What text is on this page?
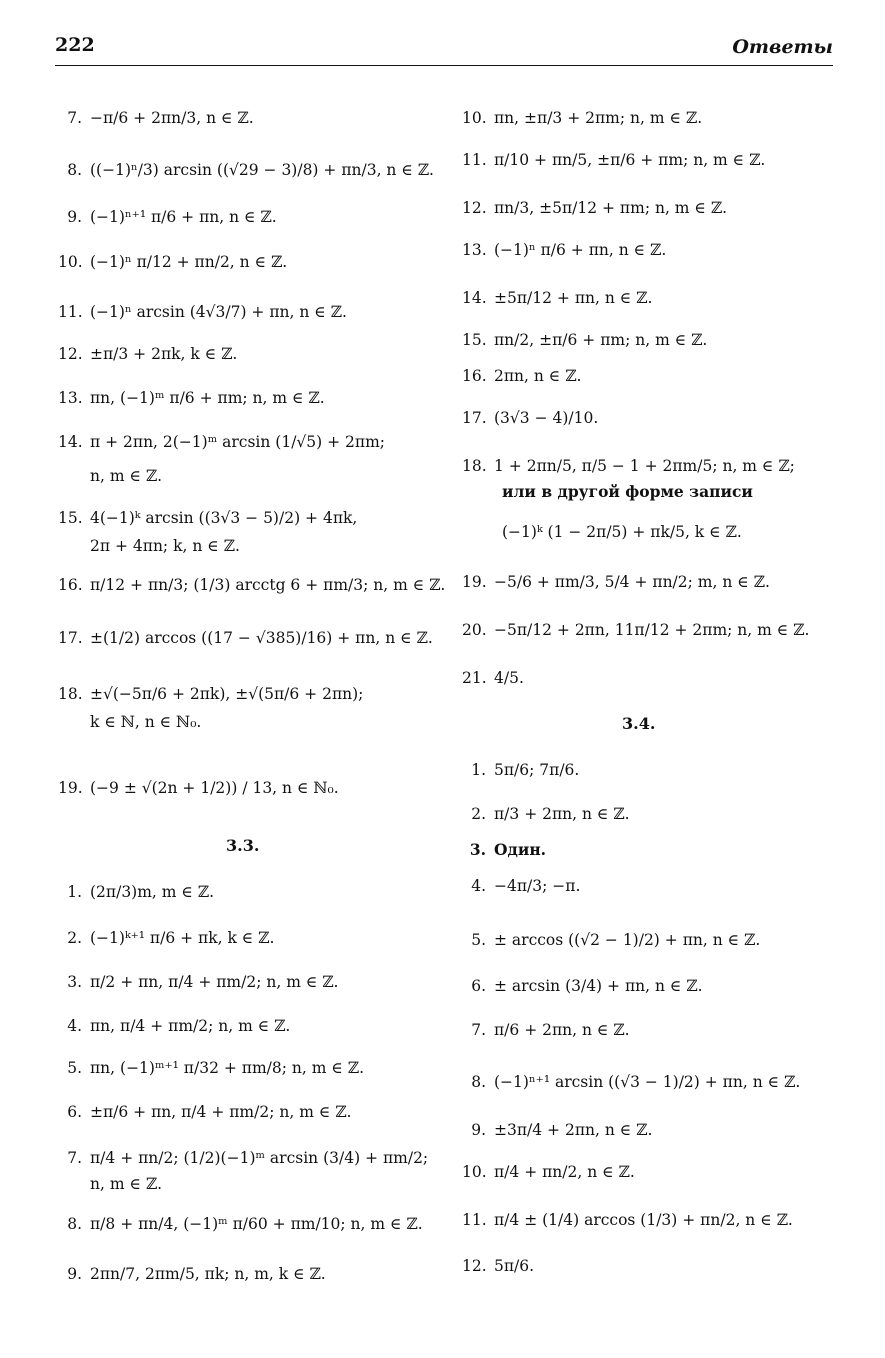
222	Ответы
7. −π/6 + 2πn/3, n ∈ ℤ.
8. ((−1)ⁿ/3) arcsin ((√29 − 3)/8) + πn/3, n ∈ ℤ.
9. (−1)ⁿ⁺¹ π/6 + πn, n ∈ ℤ.
10. (−1)ⁿ π/12 + πn/2, n ∈ ℤ.
11. (−1)ⁿ arcsin (4√3/7) + πn, n ∈ ℤ.
12. ±π/3 + 2πk, k ∈ ℤ.
13. πn, (−1)ᵐ π/6 + πm; n, m ∈ ℤ.
14. π + 2πn, 2(−1)ᵐ arcsin (1/√5) + 2πm;
n, m ∈ ℤ.
15. 4(−1)ᵏ arcsin ((3√3 − 5)/2) + 4πk,
2π + 4πn; k, n ∈ ℤ.
16. π/12 + πn/3; (1/3) arcctg 6 + πm/3; n, m ∈ ℤ.
17. ±(1/2) arccos ((17 − √385)/16) + πn, n ∈ ℤ.
18. ±√(−5π/6 + 2πk), ±√(5π/6 + 2πn);
k ∈ ℕ, n ∈ ℕ₀.
19. (−9 ± √(2n + 1/2)) / 13, n ∈ ℕ₀.
3.3.
1. (2π/3)m, m ∈ ℤ.
2. (−1)ᵏ⁺¹ π/6 + πk, k ∈ ℤ.
3. π/2 + πn, π/4 + πm/2; n, m ∈ ℤ.
4. πn, π/4 + πm/2; n, m ∈ ℤ.
5. πn, (−1)ᵐ⁺¹ π/32 + πm/8; n, m ∈ ℤ.
6. ±π/6 + πn, π/4 + πm/2; n, m ∈ ℤ.
7. π/4 + πn/2; (1/2)(−1)ᵐ arcsin (3/4) + πm/2;
n, m ∈ ℤ.
8. π/8 + πn/4, (−1)ᵐ π/60 + πm/10; n, m ∈ ℤ.
9. 2πn/7, 2πm/5, πk; n, m, k ∈ ℤ.
10. πn, ±π/3 + 2πm; n, m ∈ ℤ.
11. π/10 + πn/5, ±π/6 + πm; n, m ∈ ℤ.
12. πn/3, ±5π/12 + πm; n, m ∈ ℤ.
13. (−1)ⁿ π/6 + πn, n ∈ ℤ.
14. ±5π/12 + πn, n ∈ ℤ.
15. πn/2, ±π/6 + πm; n, m ∈ ℤ.
16. 2πn, n ∈ ℤ.
17. (3√3 − 4)/10.
18. 1 + 2πn/5, π/5 − 1 + 2πm/5; n, m ∈ ℤ;
или в другой форме записи
(−1)ᵏ (1 − 2π/5) + πk/5, k ∈ ℤ.
19. −5/6 + πm/3, 5/4 + πn/2; m, n ∈ ℤ.
20. −5π/12 + 2πn, 11π/12 + 2πm; n, m ∈ ℤ.
21. 4/5.
3.4.
1. 5π/6; 7π/6.
2. π/3 + 2πn, n ∈ ℤ.
3. Один.
4. −4π/3; −π.
5. ± arccos ((√2 − 1)/2) + πn, n ∈ ℤ.
6. ± arcsin (3/4) + πn, n ∈ ℤ.
7. π/6 + 2πn, n ∈ ℤ.
8. (−1)ⁿ⁺¹ arcsin ((√3 − 1)/2) + πn, n ∈ ℤ.
9. ±3π/4 + 2πn, n ∈ ℤ.
10. π/4 + πn/2, n ∈ ℤ.
11. π/4 ± (1/4) arccos (1/3) + πn/2, n ∈ ℤ.
12. 5π/6.
